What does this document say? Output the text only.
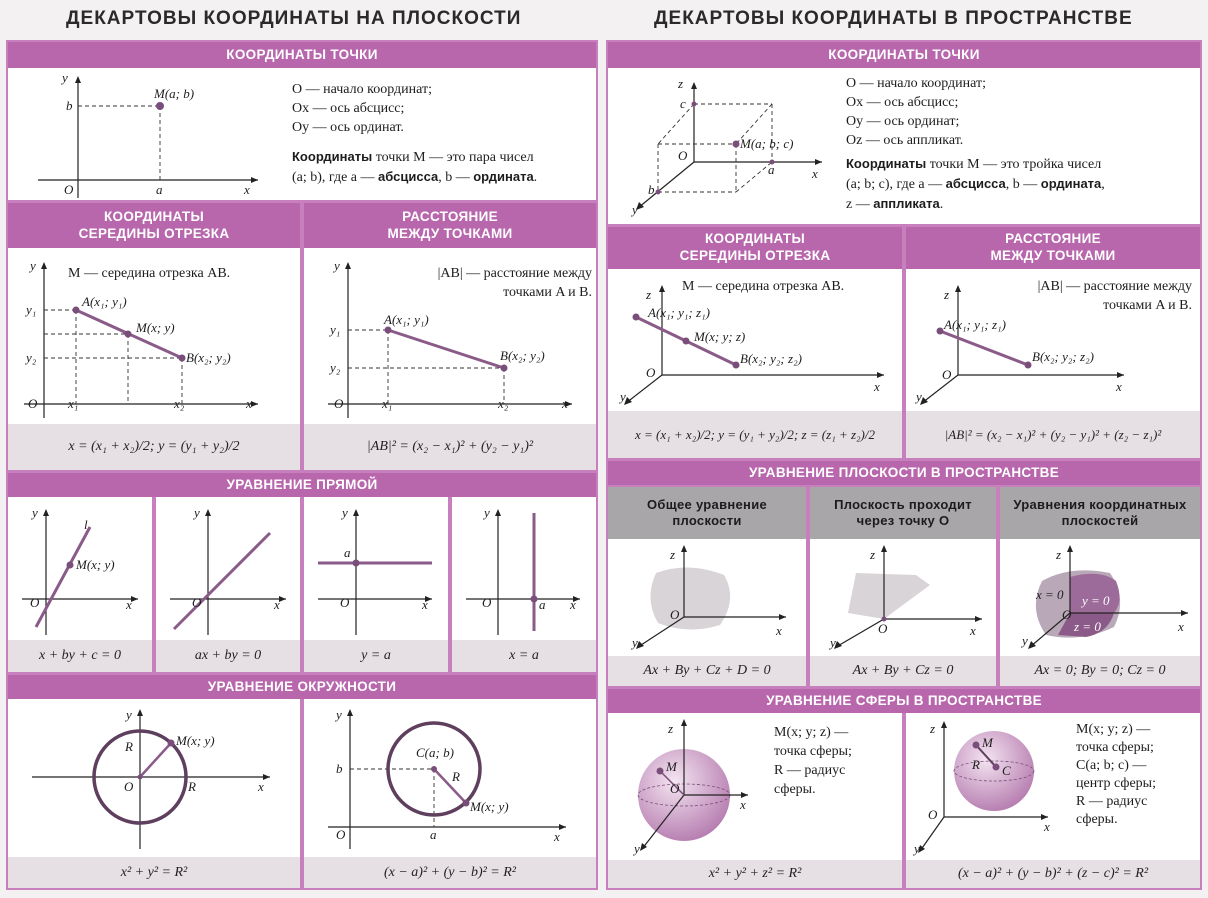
ДЕКАРТОВЫ КООРДИНАТЫ НА ПЛОСКОСТИ	ДЕКАРТОВЫ КООРДИНАТЫ В ПРОСТРАНСТВЕ
КООРДИНАТЫ ТОЧКИ
M(a; b)
y
b
O	a	x
O — начало координат;
Ox — ось абсцисс;
Oy — ось ординат.
Координаты точки M — это пара чисел
(a; b), где a — абсцисса, b — ордината.
КООРДИНАТЫ
СЕРЕДИНЫ ОТРЕЗКА
A(x₁; y₁)
M(x; y)
B(x₂; y₂)
y
y₁
y₂
O x₁	x₂	x
M — середина отрезка AB.
x = (x₁ + x₂)/2; y = (y₁ + y₂)/2
РАССТОЯНИЕ
МЕЖДУ ТОЧКАМИ
A(x₁; y₁)
B(x₂; y₂)
y
y₁
y₂
O	x₁	x₂	x
|AB| — расстояние между
точками A и B.
|AB|² = (x₂ − x₁)² + (y₂ − y₁)²
УРАВНЕНИЕ ПРЯМОЙ
l
M(x; y)
y
O	x
y
O	x
a
y
O	x	a
y
O	x
x + by + c = 0	ax + by = 0	y = a	x = a
УРАВНЕНИЕ ОКРУЖНОСТИ
M(x; y)
R
R
y
O	x
C(a; b)
R
M(x; y)
y
b
O	a	x
x² + y² = R²	(x − a)² + (y − b)² = R²
КООРДИНАТЫ ТОЧКИ
M(a; b; c)
z
c
O
a	x
b
y
O — начало координат;
Ox — ось абсцисс;
Oy — ось ординат;
Oz — ось аппликат.
Координаты точки M — это тройка чисел
(a; b; c), где a — абсцисса, b — ордината,
z — аппликата.
КООРДИНАТЫ
СЕРЕДИНЫ ОТРЕЗКА
A(x₁; y₁; z₁)
M(x; y; z)
B(x₂; y₂; z₂)
z
O
x
y
M — середина отрезка AB.
x = (x₁ + x₂)/2; y = (y₁ + y₂)/2; z = (z₁ + z₂)/2
РАССТОЯНИЕ
МЕЖДУ ТОЧКАМИ
A(x₁; y₁; z₁)
B(x₂; y₂; z₂)
z
O
x
y
|AB| — расстояние между
точками A и B.
|AB|² = (x₂ − x₁)² + (y₂ − y₁)² + (z₂ − z₁)²
УРАВНЕНИЕ ПЛОСКОСТИ В ПРОСТРАНСТВЕ
Общее уравнение плоскости
Плоскость проходит через точку O
Уравнения координатных плоскостей
z
O
x
y
z
O	x
y
x = 0 y = 0
z = 0
z
O
x
y
Ax + By + Cz + D = 0	Ax + By + Cz = 0	Ax = 0; By = 0; Cz = 0
УРАВНЕНИЕ СФЕРЫ В ПРОСТРАНСТВЕ
M
z
O
x
y
M(x; y; z) —
точка сферы;
R — радиус
сферы.
M
R C
z
O
x
y
M(x; y; z) —
точка сферы;
C(a; b; c) —
центр сферы;
R — радиус
сферы.
x² + y² + z² = R²	(x − a)² + (y − b)² + (z − c)² = R²
